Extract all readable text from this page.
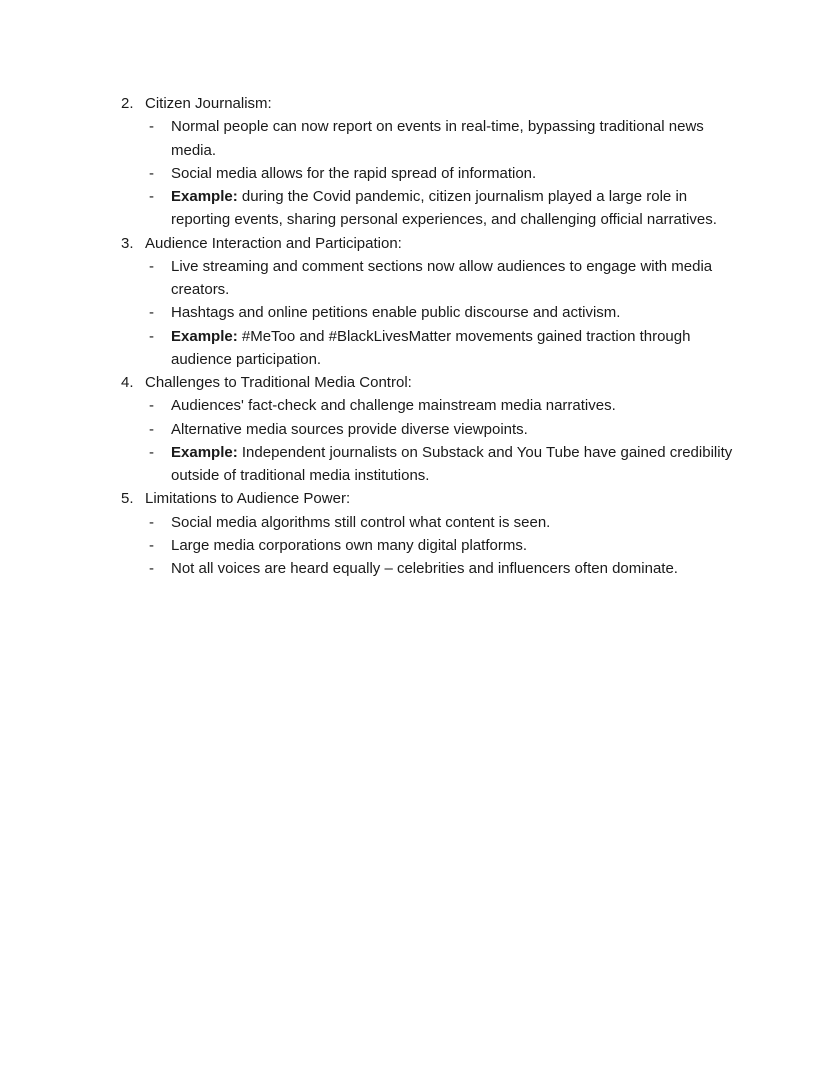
2. Citizen Journalism:
-	Normal people can now report on events in real-time, bypassing traditional news
media.
-	Social media allows for the rapid spread of information.
-	Example: during the Covid pandemic, citizen journalism played a large role in
reporting events, sharing personal experiences, and challenging official narratives.
3. Audience Interaction and Participation:
-	Live streaming and comment sections now allow audiences to engage with media
creators.
-	Hashtags and online petitions enable public discourse and activism.
-	Example: #MeToo and #BlackLivesMatter movements gained traction through
audience participation.
4. Challenges to Traditional Media Control:
-	Audiences' fact-check and challenge mainstream media narratives.
-	Alternative media sources provide diverse viewpoints.
-	Example: Independent journalists on Substack and You Tube have gained credibility
outside of traditional media institutions.
5. Limitations to Audience Power:
-	Social media algorithms still control what content is seen.
-	Large media corporations own many digital platforms.
-	Not all voices are heard equally – celebrities and influencers often dominate.
